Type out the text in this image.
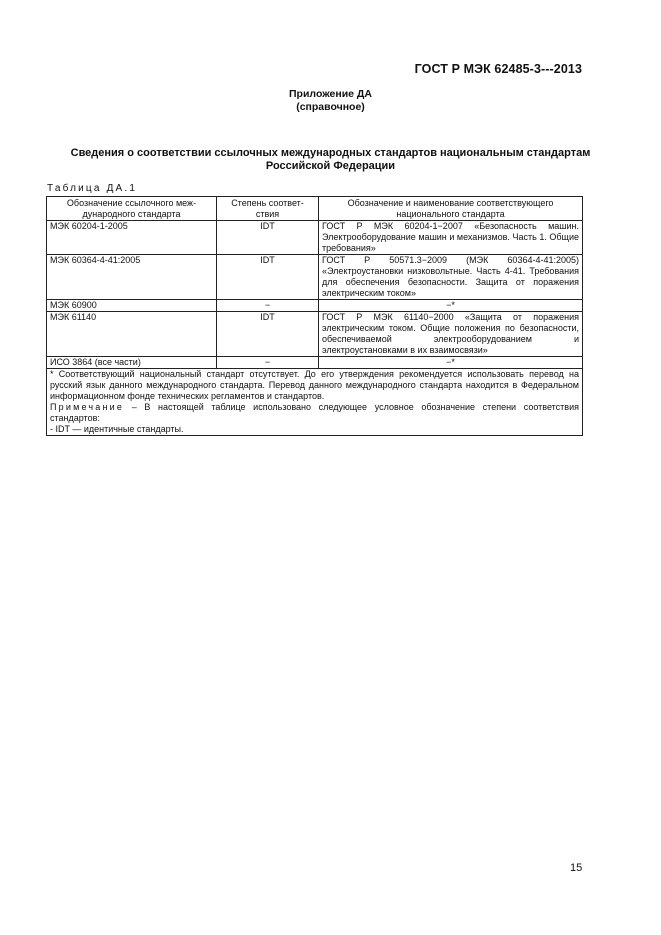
ГОСТ Р МЭК 62485-3---2013
Приложение ДА
(справочное)
Сведения о соответствии ссылочных международных стандартов национальным стандартам
Российской Федерации
Таблица ДА.1
Обозначение ссылочного меж-дународного стандарта	Степень соответ-ствия	Обозначение и наименование соответствующего национального стандарта
МЭК 60204-1-2005	IDT	ГОСТ Р МЭК 60204-1−2007 «Безопасность машин. Электрооборудование машин и механизмов. Часть 1. Общие требования»
МЭК 60364-4-41:2005	IDT	ГОСТ Р 50571.3−2009 (МЭК 60364-4-41:2005) «Электроустановки низковольтные. Часть 4-41. Требования для обеспечения безопасности. Защита от поражения электрическим током»
МЭК 60900	−	−*
МЭК 61140	IDT	ГОСТ Р МЭК 61140−2000 «Защита от поражения электрическим током. Общие положения по безопасности, обеспечиваемой электрооборудованием и электроустановками в их взаимосвязи»
ИСО 3864 (все части)	−	−*

* Соответствующий национальный стандарт отсутствует. До его утверждения рекомендуется использовать перевод на русский язык данного международного стандарта. Перевод данного международного стандарта находится в Федеральном информационном фонде технических регламентов и стандартов.
Примечание – В настоящей таблице использовано следующее условное обозначение степени соответствия стандартов:
- IDT — идентичные стандарты.		
15
